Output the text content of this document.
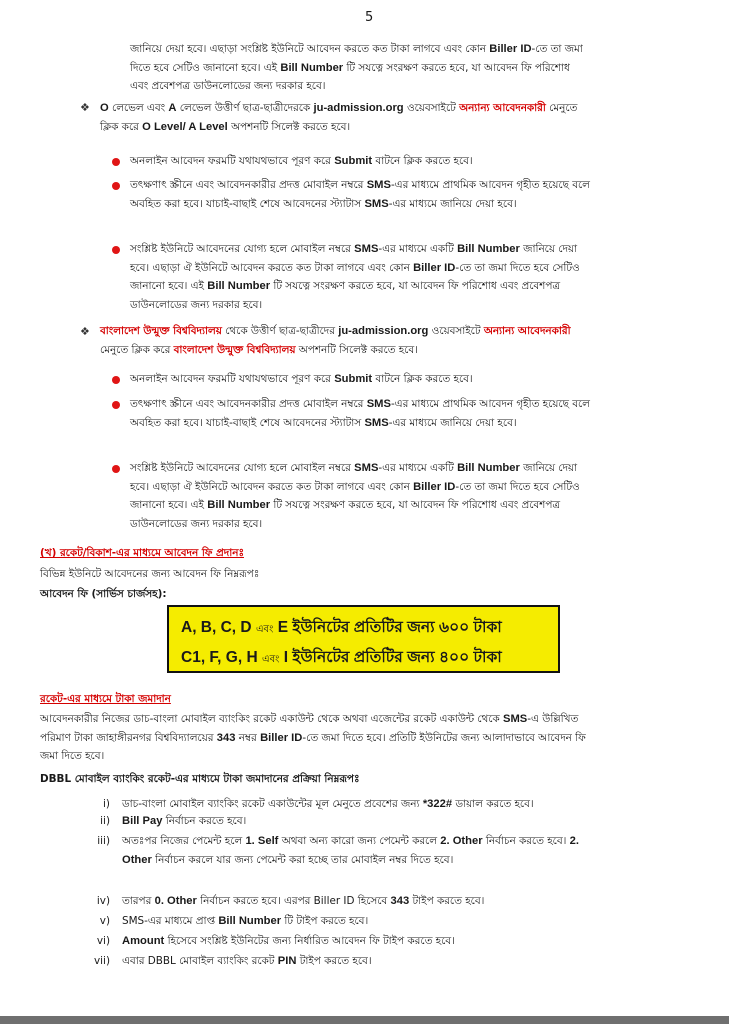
5
জানিয়ে দেয়া হবে। এছাড়া সংশ্লিষ্ট ইউনিটে আবেদন করতে কত টাকা লাগবে এবং কোন Biller ID-তে তা জমা দিতে হবে সেটিও জানানো হবে। এই Bill Number টি সযত্নে সংরক্ষণ করতে হবে, যা আবেদন ফি পরিশোধ এবং প্রবেশপত্র ডাউনলোডের জন্য দরকার হবে।
❖ O লেভেল এবং A লেভেল উত্তীর্ণ ছাত্র-ছাত্রীদেরকে ju-admission.org ওয়েবসাইটে অন্যান্য আবেদনকারী মেনুতে ক্লিক করে O Level/ A Level অপশনটি সিলেক্ট করতে হবে।
অনলাইন আবেদন ফরমটি যথাযথভাবে পূরণ করে Submit বাটনে ক্লিক করতে হবে।
তৎক্ষণাৎ স্ক্রীনে এবং আবেদনকারীর প্রদত্ত মোবাইল নম্বরে SMS-এর মাধ্যমে প্রাথমিক আবেদন গৃহীত হয়েছে বলে অবহিত করা হবে। যাচাই-বাছাই শেষে আবেদনের স্ট্যাটাস SMS-এর মাধ্যমে জানিয়ে দেয়া হবে।
সংশ্লিষ্ট ইউনিটে আবেদনের যোগ্য হলে মোবাইল নম্বরে SMS-এর মাধ্যমে একটি Bill Number জানিয়ে দেয়া হবে। এছাড়া ঐ ইউনিটে আবেদন করতে কত টাকা লাগবে এবং কোন Biller ID-তে তা জমা দিতে হবে সেটিও জানানো হবে। এই Bill Number টি সযত্নে সংরক্ষণ করতে হবে, যা আবেদন ফি পরিশোধ এবং প্রবেশপত্র ডাউনলোডের জন্য দরকার হবে।
❖ বাংলাদেশ উন্মুক্ত বিশ্ববিদ্যালয় থেকে উত্তীর্ণ ছাত্র-ছাত্রীদের ju-admission.org ওয়েবসাইটে অন্যান্য আবেদনকারী মেনুতে ক্লিক করে বাংলাদেশ উন্মুক্ত বিশ্ববিদ্যালয় অপশনটি সিলেক্ট করতে হবে।
অনলাইন আবেদন ফরমটি যথাযথভাবে পূরণ করে Submit বাটনে ক্লিক করতে হবে।
তৎক্ষণাৎ স্ক্রীনে এবং আবেদনকারীর প্রদত্ত মোবাইল নম্বরে SMS-এর মাধ্যমে প্রাথমিক আবেদন গৃহীত হয়েছে বলে অবহিত করা হবে। যাচাই-বাছাই শেষে আবেদনের স্ট্যাটাস SMS-এর মাধ্যমে জানিয়ে দেয়া হবে।
সংশ্লিষ্ট ইউনিটে আবেদনের যোগ্য হলে মোবাইল নম্বরে SMS-এর মাধ্যমে একটি Bill Number জানিয়ে দেয়া হবে। এছাড়া ঐ ইউনিটে আবেদন করতে কত টাকা লাগবে এবং কোন Biller ID-তে তা জমা দিতে হবে সেটিও জানানো হবে। এই Bill Number টি সযত্নে সংরক্ষণ করতে হবে, যা আবেদন ফি পরিশোধ এবং প্রবেশপত্র ডাউনলোডের জন্য দরকার হবে।
(খ) রকেট/বিকাশ-এর মাধ্যমে আবেদন ফি প্রদানঃ
বিভিন্ন ইউনিটে আবেদনের জন্য আবেদন ফি নিম্নরূপঃ
আবেদন ফি (সার্ভিস চার্জসহ):
A, B, C, D এবং E ইউনিটের প্রতিটির জন্য ৬০০ টাকা
C1, F, G, H এবং I ইউনিটের প্রতিটির জন্য ৪০০ টাকা
রকেট-এর মাধ্যমে টাকা জমাদান
আবেদনকারীর নিজের ডাচ-বাংলা মোবাইল ব্যাংকিং রকেট একাউন্ট থেকে অথবা এজেন্টের রকেট একাউন্ট থেকে SMS-এ উল্লিখিত পরিমাণ টাকা জাহাঙ্গীরনগর বিশ্ববিদ্যালয়ের 343 নম্বর Biller ID-তে জমা দিতে হবে। প্রতিটি ইউনিটের জন্য আলাদাভাবে আবেদন ফি জমা দিতে হবে।
DBBL মোবাইল ব্যাংকিং রকেট-এর মাধ্যমে টাকা জমাদানের প্রক্রিয়া নিম্নরূপঃ
i) ডাচ-বাংলা মোবাইল ব্যাংকিং রকেট একাউন্টের মূল মেনুতে প্রবেশের জন্য *322# ডায়াল করতে হবে।
ii) Bill Pay নির্বাচন করতে হবে।
iii) অতঃপর নিজের পেমেন্ট হলে 1. Self অথবা অন্য কারো জন্য পেমেন্ট করলে 2. Other নির্বাচন করতে হবে। 2. Other নির্বাচন করলে যার জন্য পেমেন্ট করা হচ্ছে তার মোবাইল নম্বর দিতে হবে।
iv) তারপর 0. Other নির্বাচন করতে হবে। এরপর Biller ID হিসেবে 343 টাইপ করতে হবে।
v) SMS-এর মাধ্যমে প্রাপ্ত Bill Number টি টাইপ করতে হবে।
vi) Amount হিসেবে সংশ্লিষ্ট ইউনিটের জন্য নির্ধারিত আবেদন ফি টাইপ করতে হবে।
vii) এবার DBBL মোবাইল ব্যাংকিং রকেট PIN টাইপ করতে হবে।
